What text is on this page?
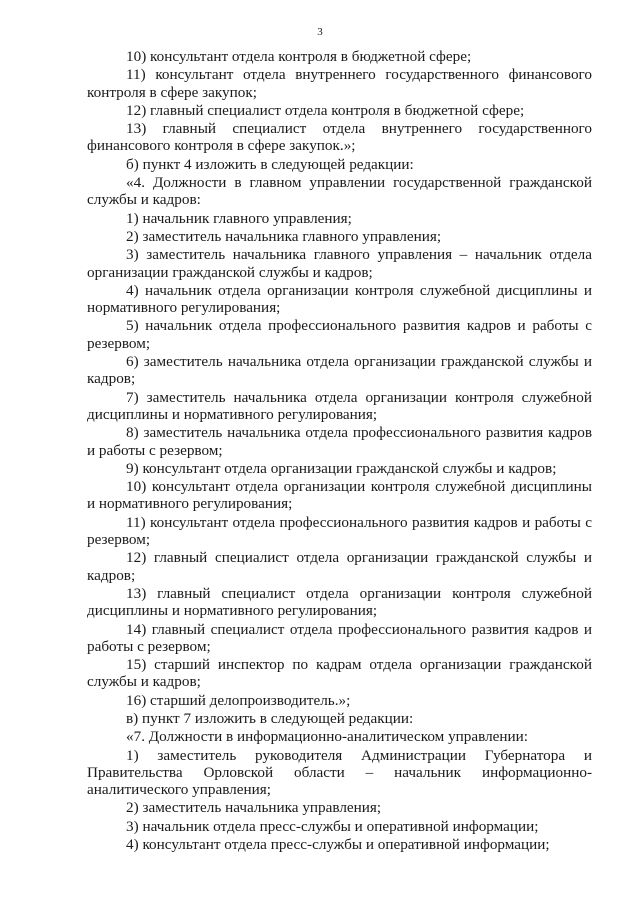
3

10) консультант отдела контроля в бюджетной сфере;

11) консультант отдела внутреннего государственного финансового контроля в сфере закупок;

12) главный специалист отдела контроля в бюджетной сфере;

13) главный специалист отдела внутреннего государственного финансового контроля в сфере закупок.»;

б) пункт 4 изложить в следующей редакции:

«4. Должности в главном управлении государственной гражданской службы и кадров:

1) начальник главного управления;

2) заместитель начальника главного управления;

3) заместитель начальника главного управления – начальник отдела организации гражданской службы и кадров;

4) начальник отдела организации контроля служебной дисциплины и нормативного регулирования;

5) начальник отдела профессионального развития кадров и работы с резервом;

6) заместитель начальника отдела организации гражданской службы и кадров;

7) заместитель начальника отдела организации контроля служебной дисциплины и нормативного регулирования;

8) заместитель начальника отдела профессионального развития кадров и работы с резервом;

9) консультант отдела организации гражданской службы и кадров;

10) консультант отдела организации контроля служебной дисциплины и нормативного регулирования;

11) консультант отдела профессионального развития кадров и работы с резервом;

12) главный специалист отдела организации гражданской службы и кадров;

13) главный специалист отдела организации контроля служебной дисциплины и нормативного регулирования;

14) главный специалист отдела профессионального развития кадров и работы с резервом;

15) старший инспектор по кадрам отдела организации гражданской службы и кадров;

16) старший делопроизводитель.»;

в) пункт 7 изложить в следующей редакции:

«7. Должности в информационно-аналитическом управлении:

1) заместитель руководителя Администрации Губернатора и Правительства Орловской области – начальник информационно-аналитического управления;

2) заместитель начальника управления;

3) начальник отдела пресс-службы и оперативной информации;

4) консультант отдела пресс-службы и оперативной информации;
